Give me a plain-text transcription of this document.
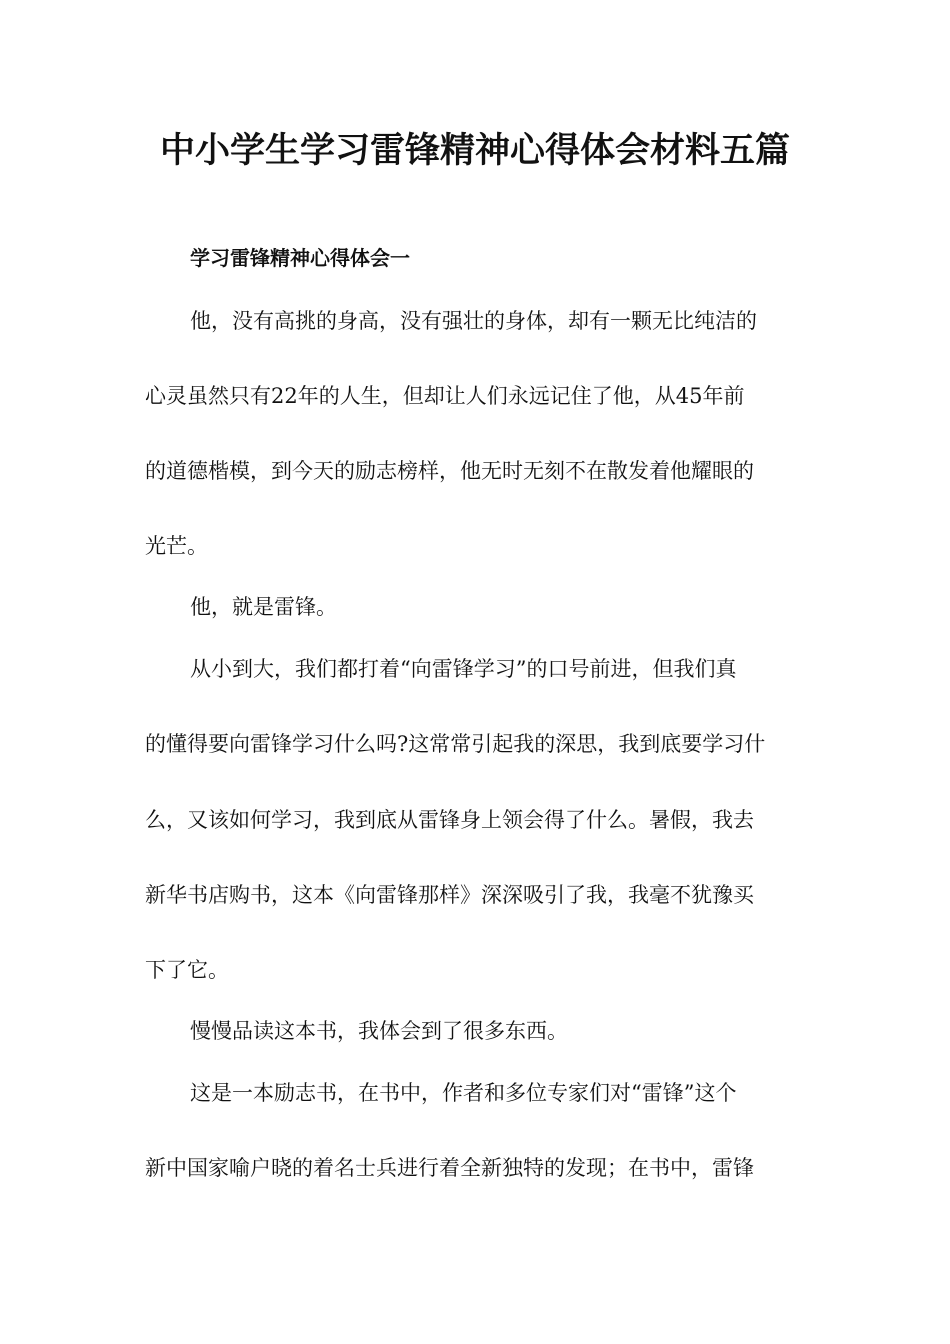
中小学生学习雷锋精神心得体会材料五篇

学习雷锋精神心得体会一

他，没有高挑的身高，没有强壮的身体，却有一颗无比纯洁的

心灵虽然只有22年的人生，但却让人们永远记住了他，从45年前

的道德楷模，到今天的励志榜样，他无时无刻不在散发着他耀眼的

光芒。

他，就是雷锋。

从小到大，我们都打着“向雷锋学习”的口号前进，但我们真

的懂得要向雷锋学习什么吗?这常常引起我的深思，我到底要学习什

么，又该如何学习，我到底从雷锋身上领会得了什么。暑假，我去

新华书店购书，这本《向雷锋那样》深深吸引了我，我毫不犹豫买

下了它。

慢慢品读这本书，我体会到了很多东西。

这是一本励志书，在书中，作者和多位专家们对“雷锋”这个

新中国家喻户晓的着名士兵进行着全新独特的发现；在书中，雷锋
